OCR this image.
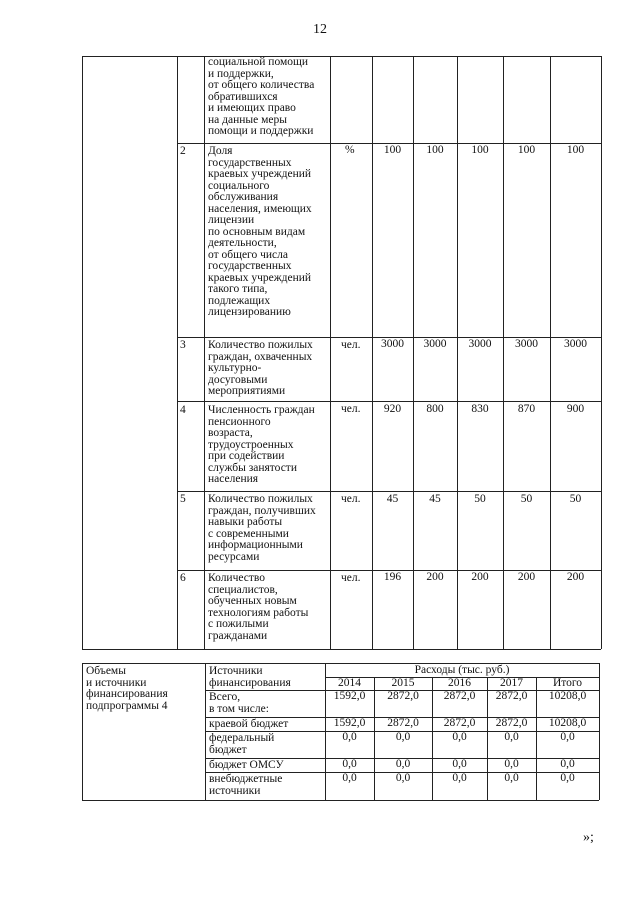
12
социальной помощи
и поддержки,
от общего количества
обратившихся
и имеющих право
на данные меры
помощи и поддержки
2 Доля
государственных
краевых учреждений
социального
обслуживания
населения, имеющих
лицензии
по основным видам
деятельности,
от общего числа
государственных
краевых учреждений
такого типа,
подлежащих
лицензированию
%	100	100	100	100	100
3 Количество пожилых
граждан, охваченных
культурно-
досуговыми
мероприятиями
чел.	3000	3000	3000	3000	3000
4 Численность граждан
пенсионного
возраста,
трудоустроенных
при содействии
службы занятости
населения
чел.	920	800	830	870	900
5 Количество пожилых
граждан, получивших
навыки работы
с современными
информационными
ресурсами
чел.	45	45	50	50	50
6 Количество
специалистов,
обученных новым
технологиям работы
с пожилыми
гражданами
чел.	196	200	200	200	200
Объемы
и источники
финансирования
подпрограммы 4
Источники
финансирования
Расходы (тыс. руб.)
2014	2015	2016	2017	Итого
Всего,
в том числе:
1592,0	2872,0	2872,0	2872,0	10208,0
краевой бюджет	1592,0	2872,0	2872,0	2872,0	10208,0
федеральный
бюджет
0,0	0,0	0,0	0,0	0,0
бюджет ОМСУ	0,0	0,0	0,0	0,0	0,0
внебюджетные
источники
0,0	0,0	0,0	0,0	0,0
»;
